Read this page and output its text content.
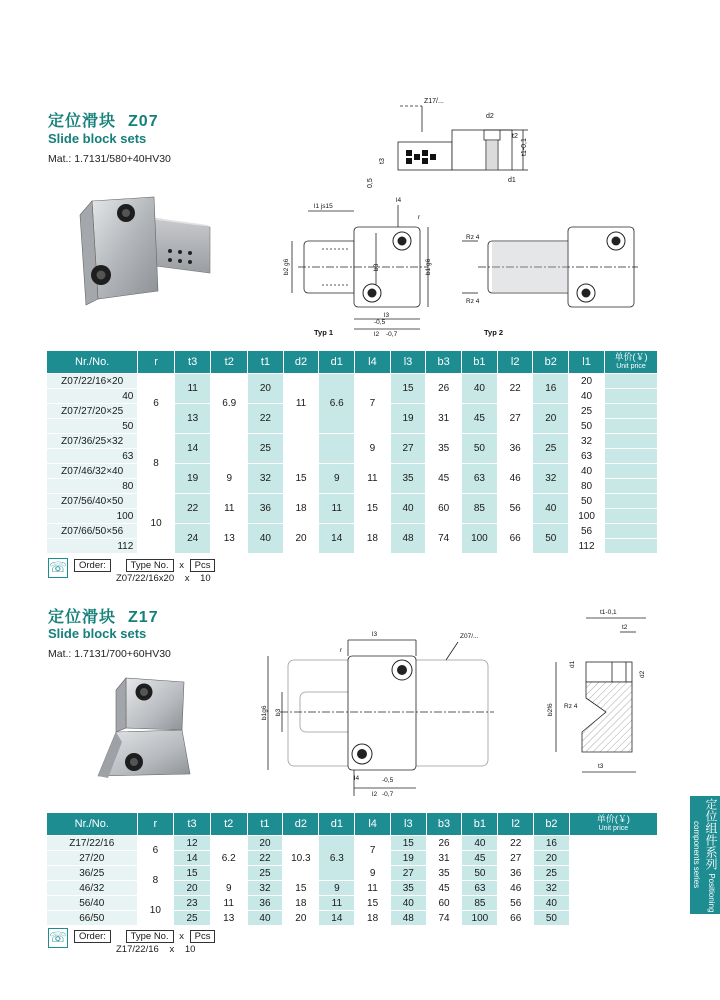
定位滑块 Z07
Slide block sets
Mat.: 1.7131/580+40HV30
Z17/...
d2
t2
t1-0,1
t3
d1
0,5
l1 js15
l4
r
b2 g6	b3	b1 g6
l3
-0,5
l2 -0,7
Rz 4
Rz 4
Typ 1	Typ 2
Nr./No.	r	t3	t2	t1	d2	d1	l4	l3	b3	b1	l2	b2	l1	单价(￥)
Unit price

Z07/22/16×20	6	11	6.9	20	11	6.6	7	15	26	40	22	16	20	
40													40	
Z07/27/20×25		13		22				19	31	45	27	20	25	
50													50	
Z07/36/25×32	8	14		25			9	27	35	50	36	25	32	
63													63	
Z07/46/32×40		19	9	32	15	9	11	35	45	63	46	32	40	
80													80	
Z07/56/40×50	10	22	11	36	18	11	15	40	60	85	56	40	50	
100													100	
Z07/66/50×56		24	13	40	20	14	18	48	74	100	66	50	56	
112													112	
☏	Order:	Type No. x Pcs
Z07/22/16x20 x 10
定位滑块 Z17
Slide block sets
Mat.: 1.7131/700+60HV30
l3	Z07/...
r
b1g6 b3
l4	-0,5
l2 -0,7
t1-0,1
t2
d1
d2
b2f6 Rz 4
t3
Nr./No.	r	t3	t2	t1	d2	d1	l4	l3	b3	b1	l2	b2	单价(￥)
Unit price

Z17/22/16	6	12	6.2	20	10.3	6.3	7	15	26	40	22	16	
27/20		14		22				19	31	45	27	20	
36/25	8	15		25			9	27	35	50	36	25	
46/32		20	9	32	15	9	11	35	45	63	46	32	
56/40	10	23	11	36	18	11	15	40	60	85	56	40	
66/50		25	13	40	20	14	18	48	74	100	66	50	
☏	Order:	Type No. x Pcs
Z17/22/16 x 10
定位组件系列 Positioning components series
